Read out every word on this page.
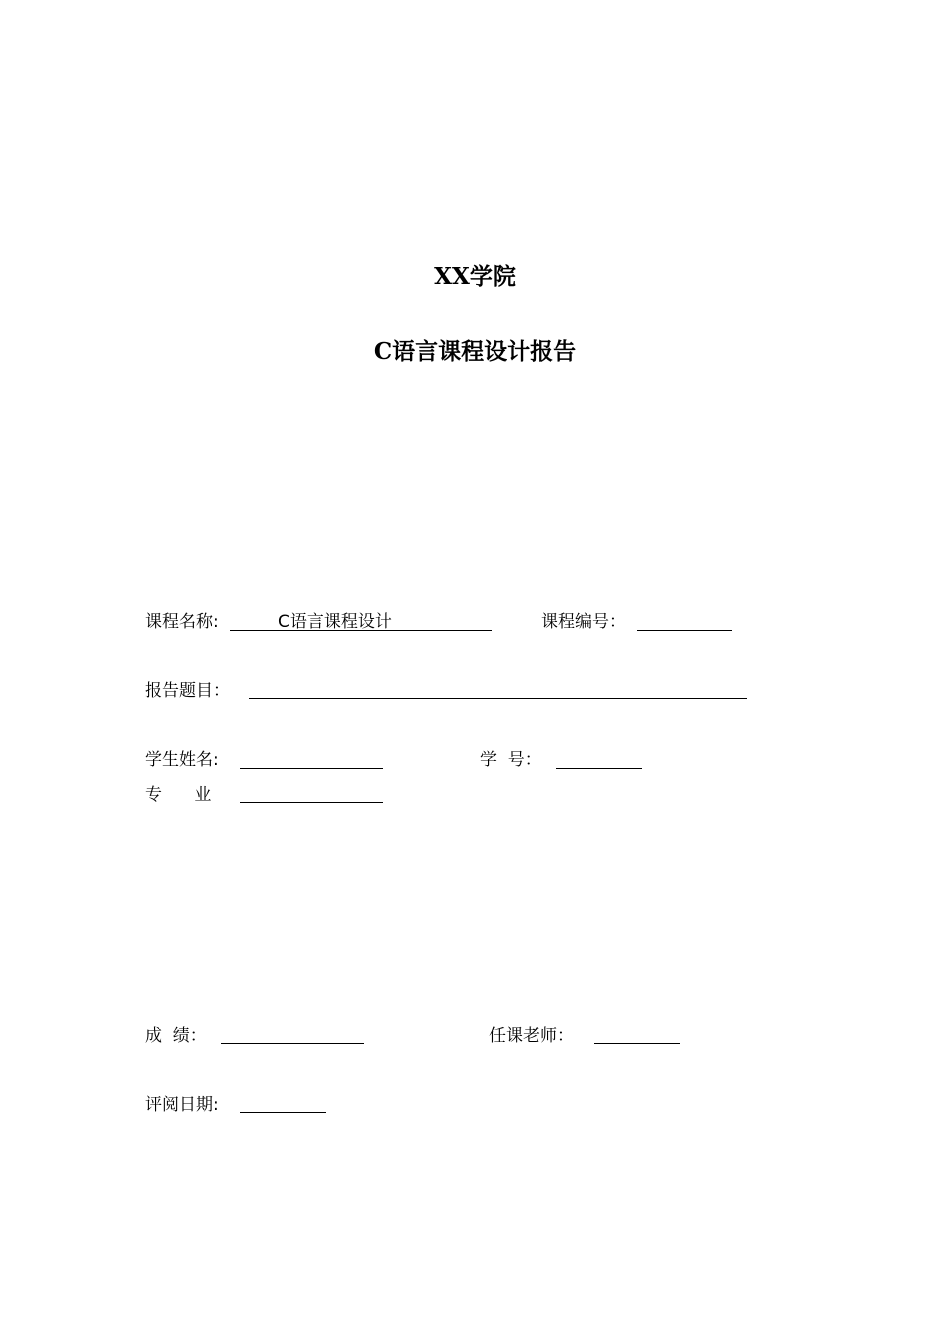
XX学院
C语言课程设计报告
课程名称:	C语言课程设计	课程编号：
报告题目：
学生姓名:	学  号：
专      业
成  绩：	任课老师：
评阅日期:
